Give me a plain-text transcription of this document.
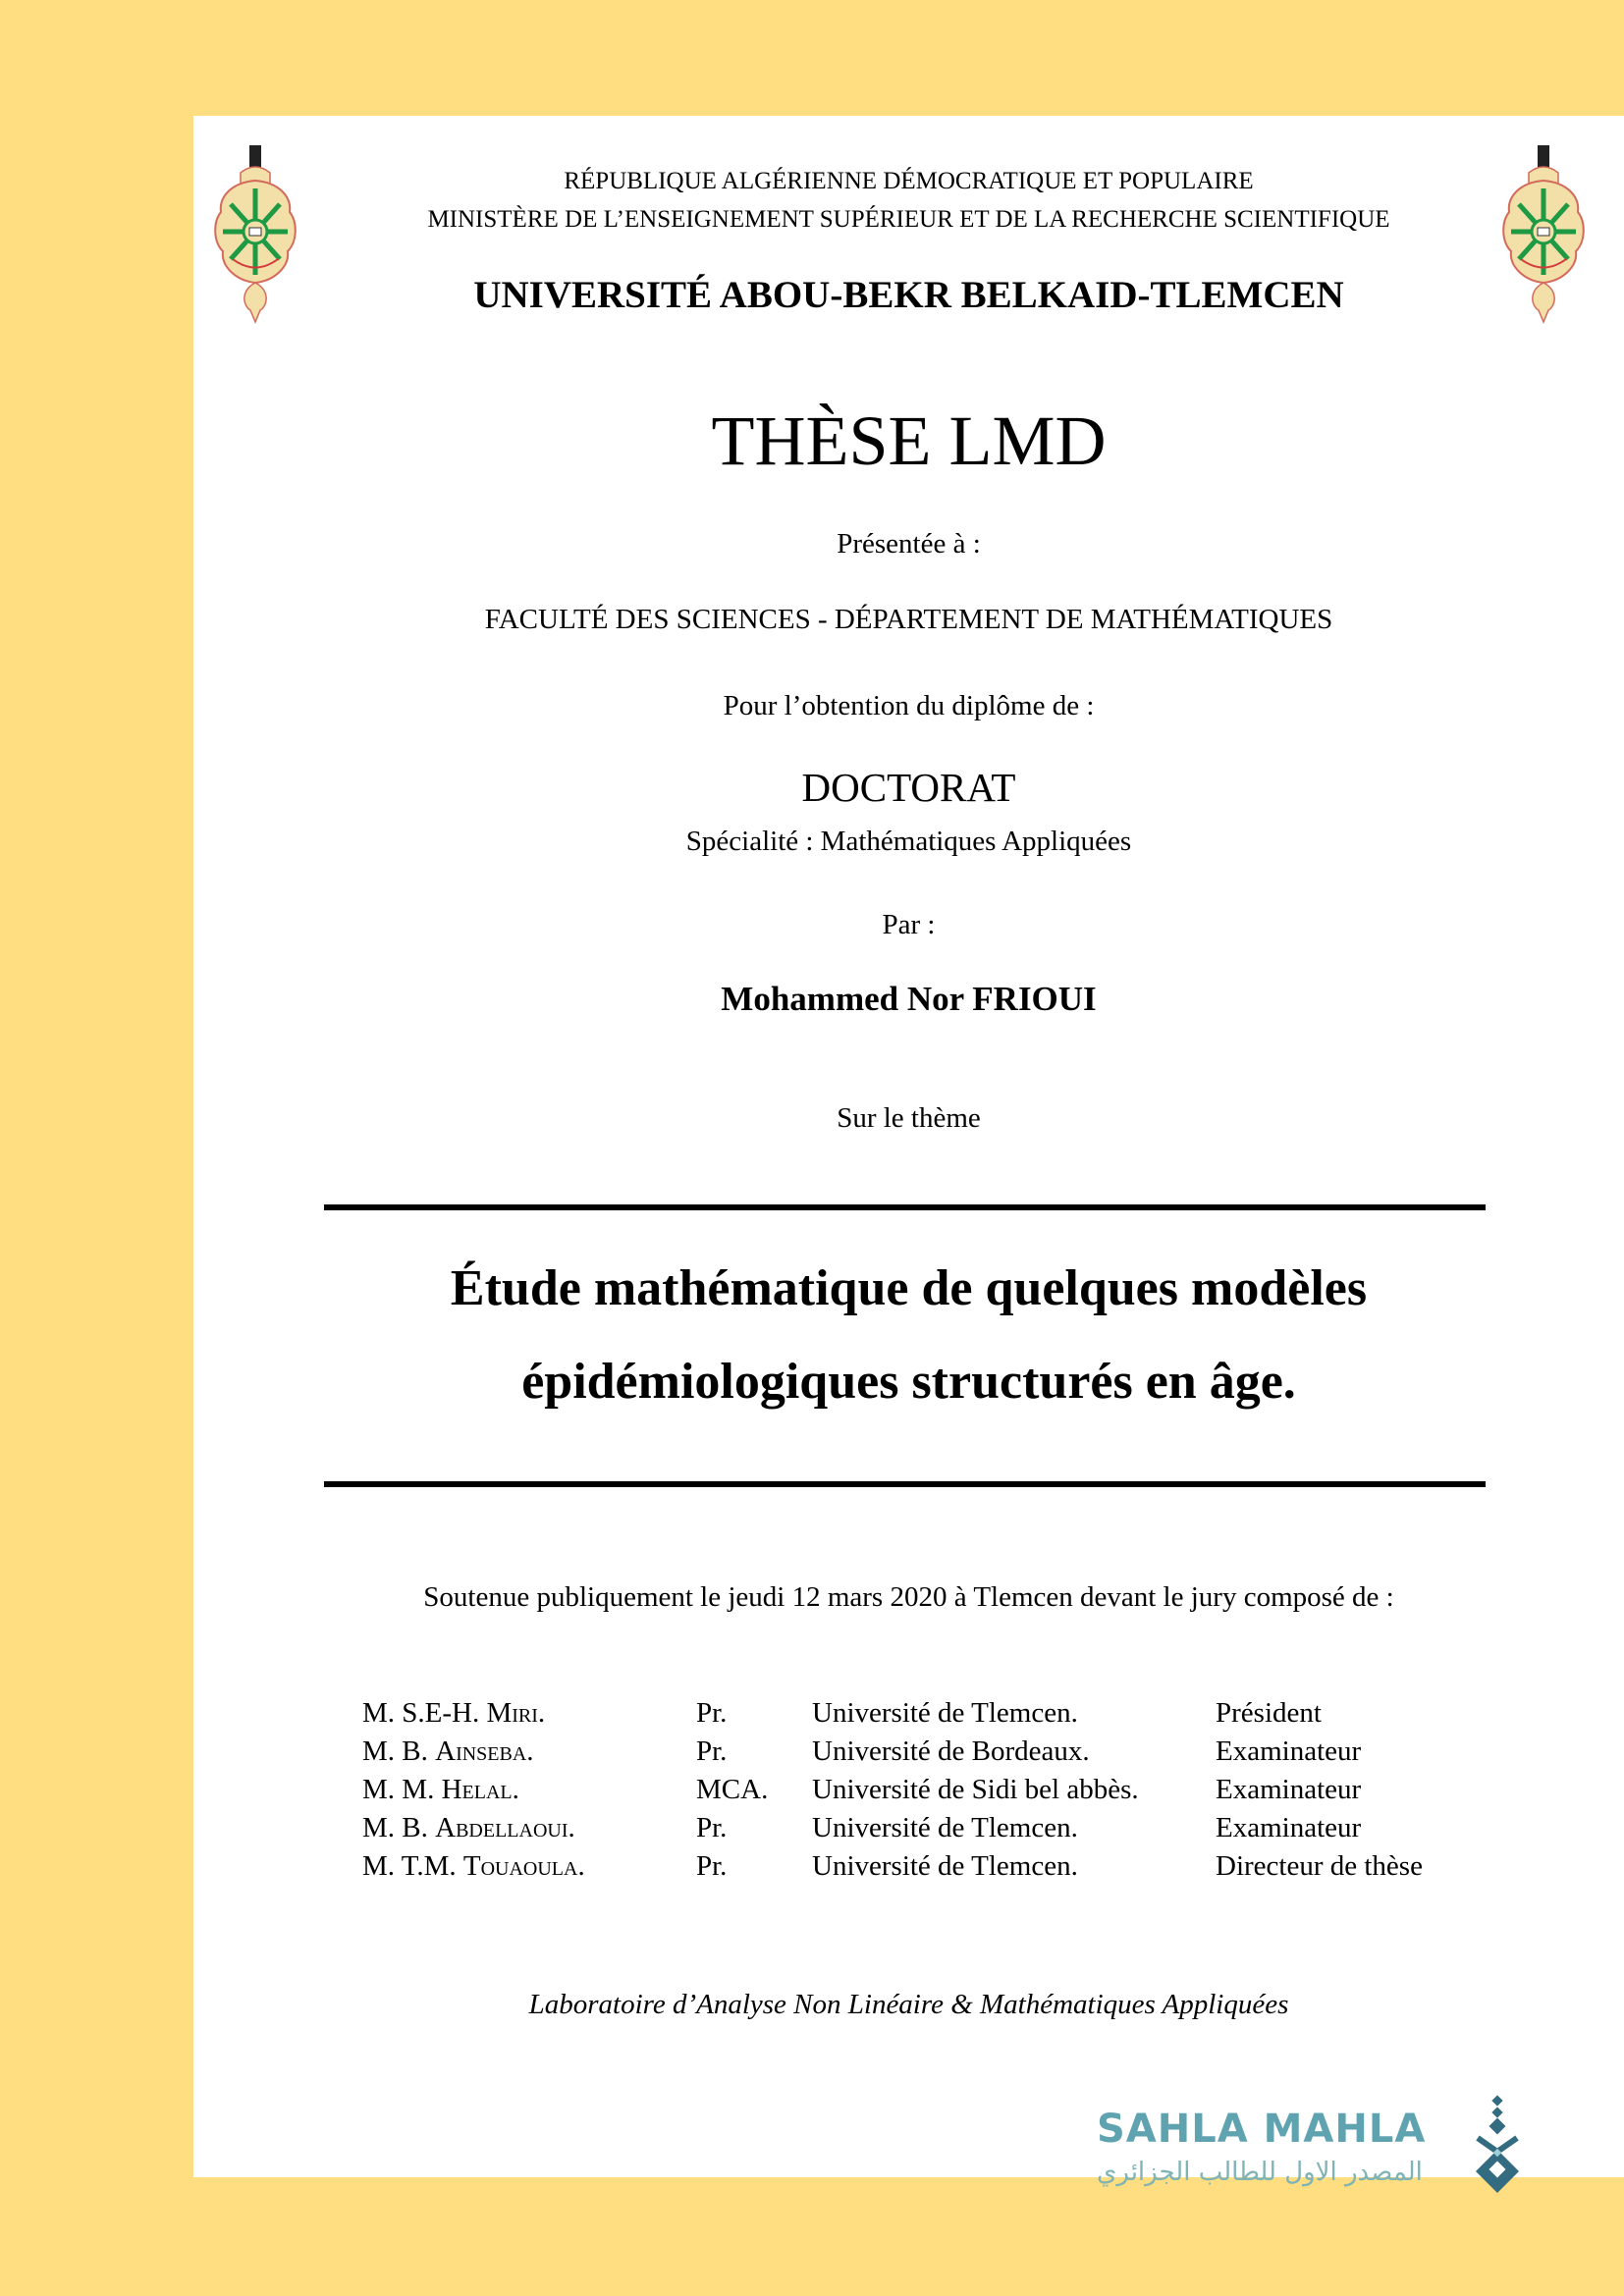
RÉPUBLIQUE ALGÉRIENNE DÉMOCRATIQUE ET POPULAIRE
MINISTÈRE DE L’ENSEIGNEMENT SUPÉRIEUR ET DE LA RECHERCHE SCIENTIFIQUE
UNIVERSITÉ ABOU-BEKR BELKAID-TLEMCEN
THÈSE LMD
Présentée à :
FACULTÉ DES SCIENCES - DÉPARTEMENT DE MATHÉMATIQUES
Pour l’obtention du diplôme de :
DOCTORAT
Spécialité : Mathématiques Appliquées
Par :
Mohammed Nor FRIOUI
Sur le thème
Étude mathématique de quelques modèles
épidémiologiques structurés en âge.
Soutenue publiquement le jeudi 12 mars 2020 à Tlemcen devant le jury composé de :
M. S.E-H. Miri.	Pr.	Université de Tlemcen.	Président
M. B. Ainseba.	Pr.	Université de Bordeaux.	Examinateur
M. M. Helal.	MCA.	Université de Sidi bel abbès.	Examinateur
M. B. Abdellaoui.	Pr.	Université de Tlemcen.	Examinateur
M. T.M. Touaoula.	Pr.	Université de Tlemcen.	Directeur de thèse
Laboratoire d’Analyse Non Linéaire & Mathématiques Appliquées
SAHLA MAHLA
المصدر الاول للطالب الجزائري
